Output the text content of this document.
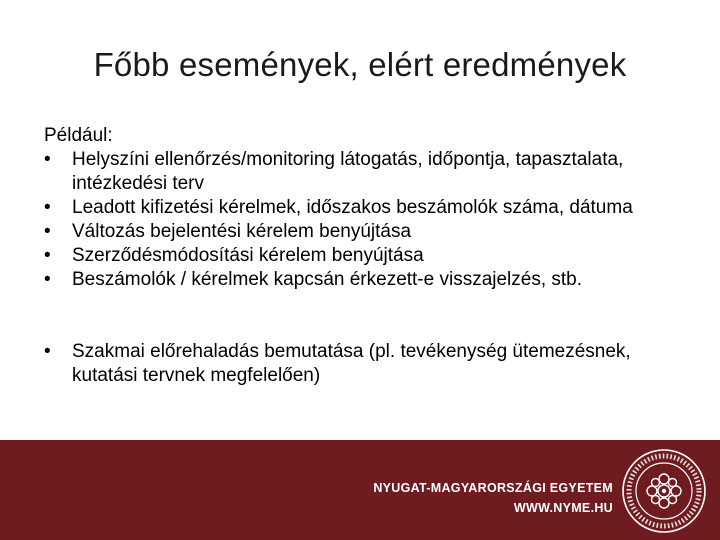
Főbb események, elért eredmények
Például:
•	Helyszíni ellenőrzés/monitoring látogatás, időpontja, tapasztalata, intézkedési terv
•	Leadott kifizetési kérelmek, időszakos beszámolók száma, dátuma
•	Változás bejelentési kérelem benyújtása
•	Szerződésmódosítási kérelem benyújtása
•	Beszámolók / kérelmek kapcsán érkezett-e visszajelzés, stb.
•	Szakmai előrehaladás bemutatása (pl. tevékenység ütemezésnek, kutatási tervnek megfelelően)
NYUGAT-MAGYARORSZÁGI EGYETEM
WWW.NYME.HU
